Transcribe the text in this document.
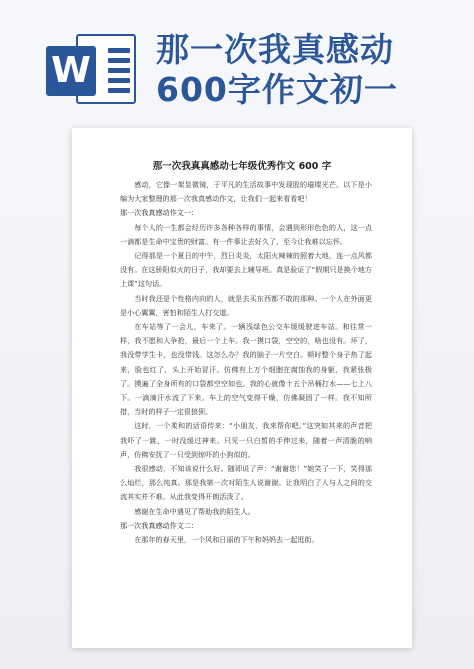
W
那一次我真感动600字作文初一
那一次我真真感动七年级优秀作文 600 字

感动，它像一架显微镜，于平凡的生活故事中发现股的璀璨光芒。以下是小编为大家整理的那一次我真感动作文，让我们一起来看看吧！

那一次我真感动作文一：

每个人的一生都会经历许多各种各样的事情，会遇到形形色色的人，这一点一滴都是生命中宝贵的财富。有一件事让去好久了，至今让我难以忘怀。

记得那是一个夏日的中午，烈日炎炎，太阳火辣辣的照着大地，连一点风都没有。在这骄阳似火的日子，我却要去上辅导班。真是验证了“假期只是换个地方上课”这句话。

当时我还是个性格内向的人，就是去买东西都不敢的那种。一个人在外面更是小心翼翼，害怕和陌生人打交道。

在车站等了一会儿，车来了。一辆浅绿色公交车缓缓驶进车站。和往常一样，我不愿和人争抢，最后一个上车。我一摸口袋，空空的，啥也没有。坏了，我没带学生卡，也没带钱。这怎么办？我的脑子一片空白。顿时整个身子热了起来，脸也红了，头上开始冒汗。仿佛有上万个细胞在腐蚀我的身躯，我紧张极了。摸遍了全身所有的口袋都空空如也。我的心就像十五个吊桶打水——七上八下。一滴滴汗水流了下来。车上的空气变得干燥，仿佛凝固了一样。我不知所措，当时的样子一定很狼狈。

这时，一个柔和的话语传来：“小朋友，我来帮你吧。”这突如其来的声音把我吓了一跳，一时没缓过神来。只见一只白皙的手伸过来，随着一声清脆的响声，仿佛安抚了一只受到惊吓的小狗似的。

我很感动，不知该说什么好。随即说了声：“谢谢您！”她笑了一下，笑得那么灿烂，那么纯真。那是我第一次对陌生人说谢谢。让我明白了人与人之间的交流其实并不难。从此我变得开朗活泼了。

感谢在生命中遇见了帮助我的陌生人。

那一次我真感动作文二：

在那年的春天里，一个风和日丽的下午和妈妈去一起逛街。
